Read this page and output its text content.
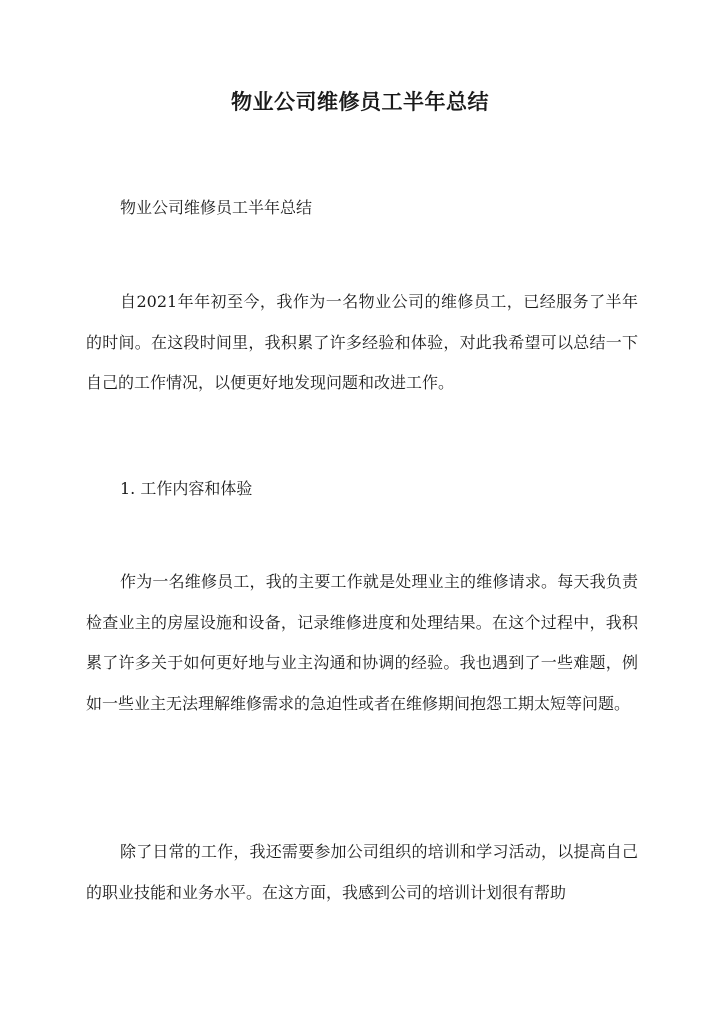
物业公司维修员工半年总结

物业公司维修员工半年总结

自2021年年初至今，我作为一名物业公司的维修员工，已经服务了半年的时间。在这段时间里，我积累了许多经验和体验，对此我希望可以总结一下自己的工作情况，以便更好地发现问题和改进工作。

1. 工作内容和体验

作为一名维修员工，我的主要工作就是处理业主的维修请求。每天我负责检查业主的房屋设施和设备，记录维修进度和处理结果。在这个过程中，我积累了许多关于如何更好地与业主沟通和协调的经验。我也遇到了一些难题，例如一些业主无法理解维修需求的急迫性或者在维修期间抱怨工期太短等问题。

除了日常的工作，我还需要参加公司组织的培训和学习活动，以提高自己的职业技能和业务水平。在这方面，我感到公司的培训计划很有帮助
